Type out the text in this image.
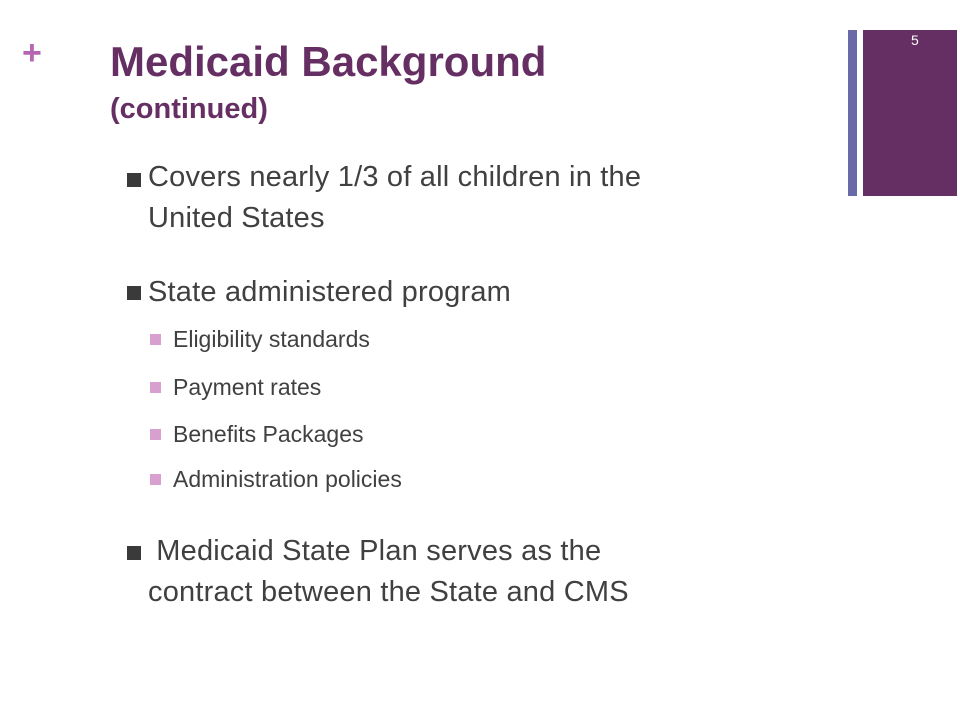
+ Medicaid Background
(continued)
5
Covers nearly 1/3 of all children in the
United States
State administered program
Eligibility standards
Payment rates
Benefits Packages
Administration policies
Medicaid State Plan serves as the
contract between the State and CMS
